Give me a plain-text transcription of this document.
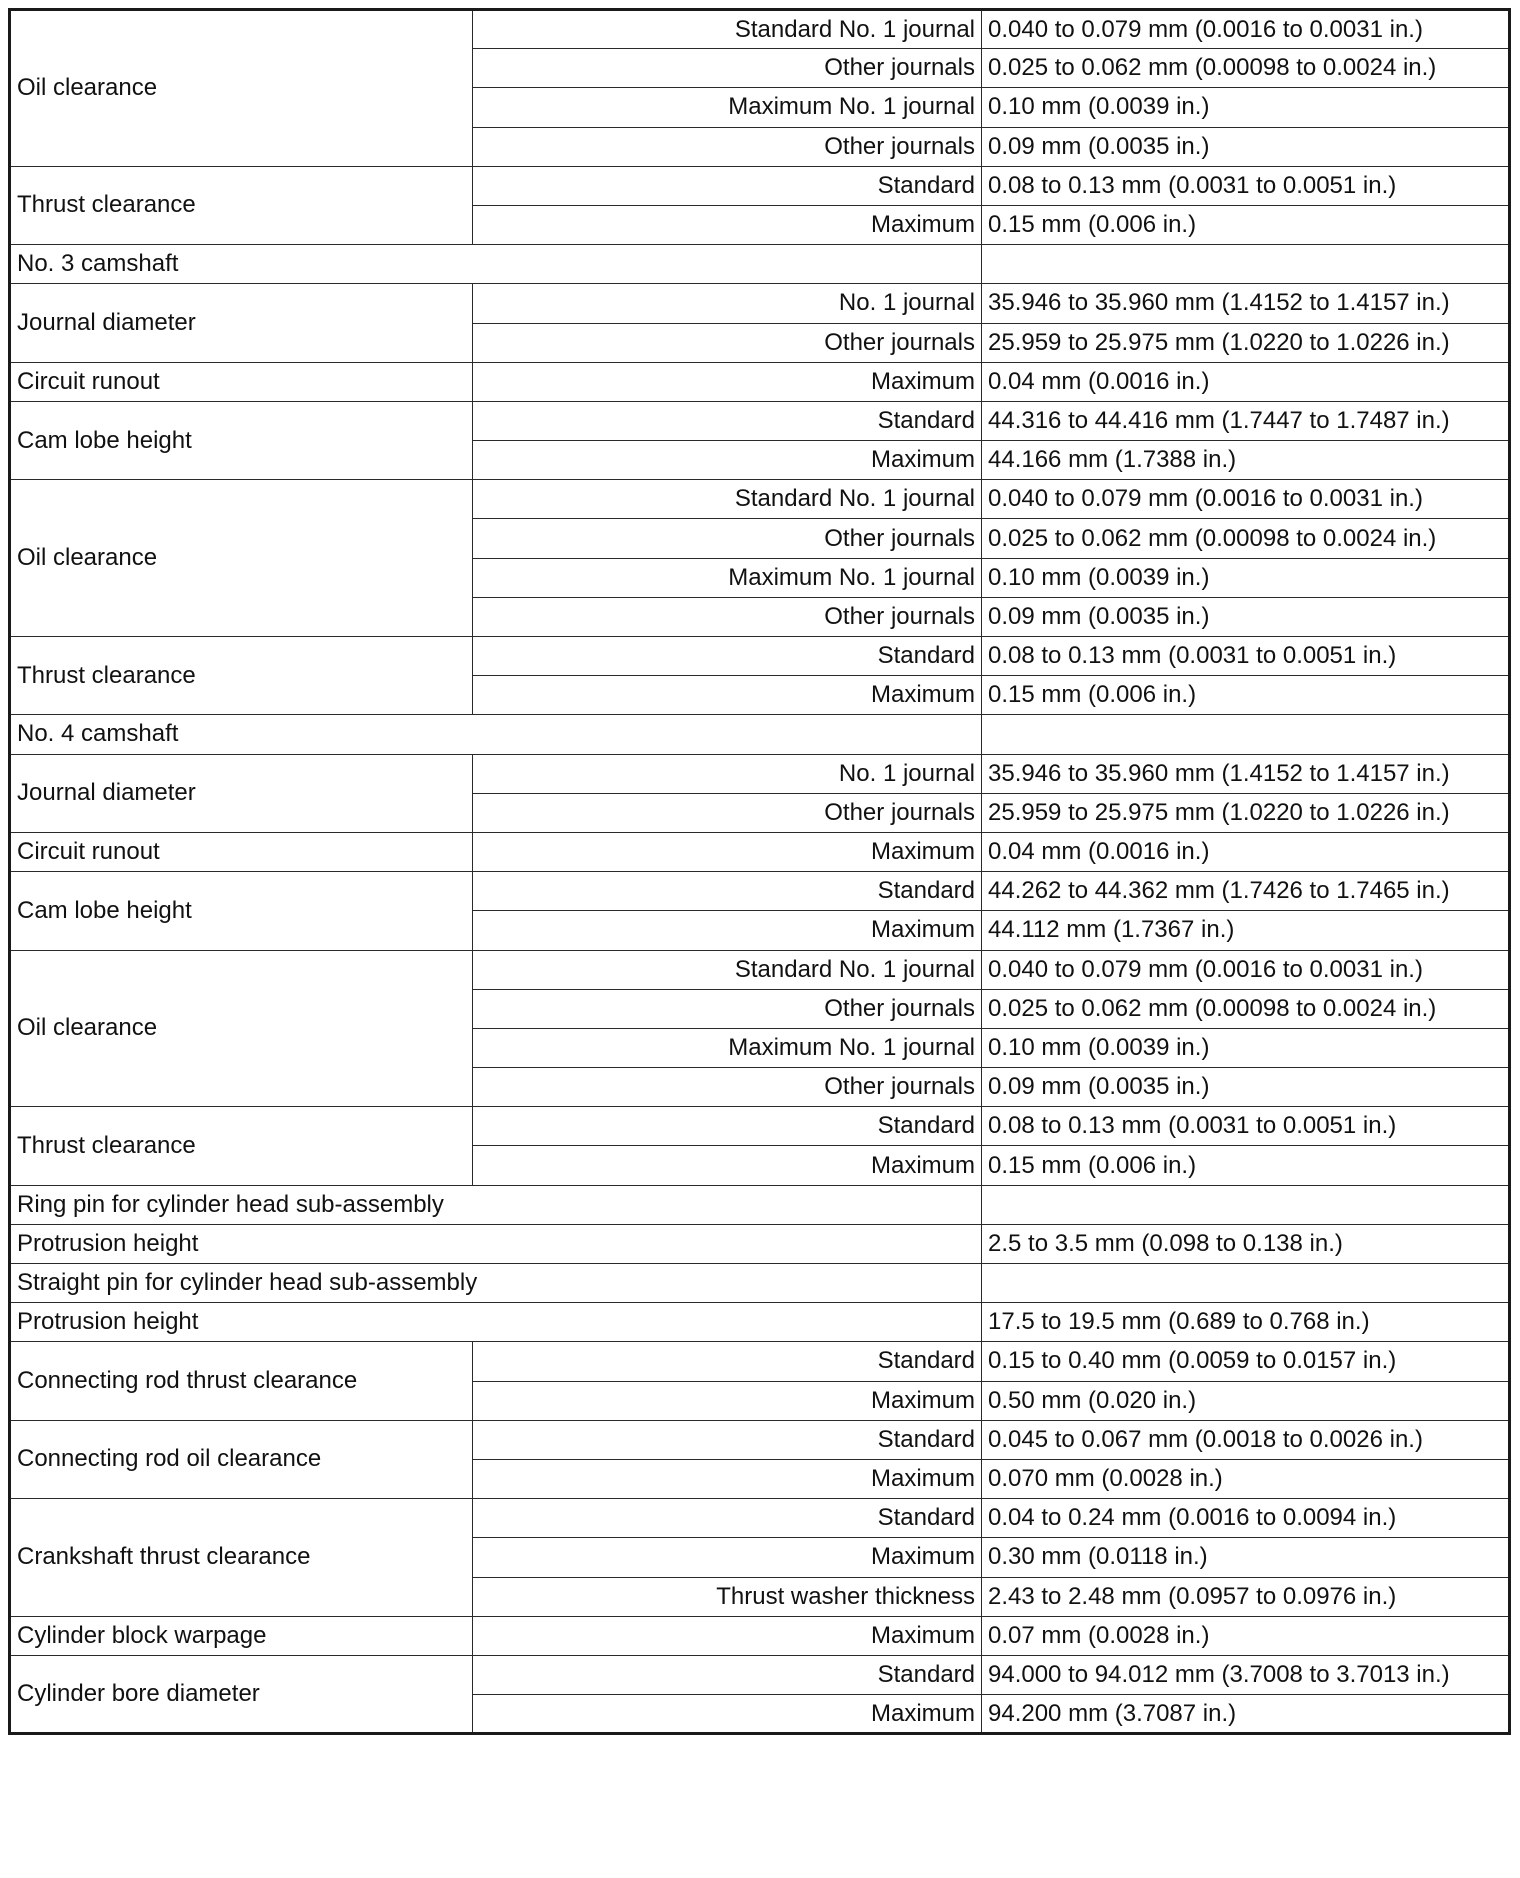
Oil clearance	Standard No. 1 journal	0.040 to 0.079 mm (0.0016 to 0.0031 in.)
	Other journals	0.025 to 0.062 mm (0.00098 to 0.0024 in.)
	Maximum No. 1 journal	0.10 mm (0.0039 in.)
	Other journals	0.09 mm (0.0035 in.)
Thrust clearance	Standard	0.08 to 0.13 mm (0.0031 to 0.0051 in.)
	Maximum	0.15 mm (0.006 in.)
No. 3 camshaft		
Journal diameter	No. 1 journal	35.946 to 35.960 mm (1.4152 to 1.4157 in.)
	Other journals	25.959 to 25.975 mm (1.0220 to 1.0226 in.)
Circuit runout	Maximum	0.04 mm (0.0016 in.)
Cam lobe height	Standard	44.316 to 44.416 mm (1.7447 to 1.7487 in.)
	Maximum	44.166 mm (1.7388 in.)
Oil clearance	Standard No. 1 journal	0.040 to 0.079 mm (0.0016 to 0.0031 in.)
	Other journals	0.025 to 0.062 mm (0.00098 to 0.0024 in.)
	Maximum No. 1 journal	0.10 mm (0.0039 in.)
	Other journals	0.09 mm (0.0035 in.)
Thrust clearance	Standard	0.08 to 0.13 mm (0.0031 to 0.0051 in.)
	Maximum	0.15 mm (0.006 in.)
No. 4 camshaft		
Journal diameter	No. 1 journal	35.946 to 35.960 mm (1.4152 to 1.4157 in.)
	Other journals	25.959 to 25.975 mm (1.0220 to 1.0226 in.)
Circuit runout	Maximum	0.04 mm (0.0016 in.)
Cam lobe height	Standard	44.262 to 44.362 mm (1.7426 to 1.7465 in.)
	Maximum	44.112 mm (1.7367 in.)
Oil clearance	Standard No. 1 journal	0.040 to 0.079 mm (0.0016 to 0.0031 in.)
	Other journals	0.025 to 0.062 mm (0.00098 to 0.0024 in.)
	Maximum No. 1 journal	0.10 mm (0.0039 in.)
	Other journals	0.09 mm (0.0035 in.)
Thrust clearance	Standard	0.08 to 0.13 mm (0.0031 to 0.0051 in.)
	Maximum	0.15 mm (0.006 in.)
Ring pin for cylinder head sub-assembly		
Protrusion height		2.5 to 3.5 mm (0.098 to 0.138 in.)
Straight pin for cylinder head sub-assembly		
Protrusion height		17.5 to 19.5 mm (0.689 to 0.768 in.)
Connecting rod thrust clearance	Standard	0.15 to 0.40 mm (0.0059 to 0.0157 in.)
	Maximum	0.50 mm (0.020 in.)
Connecting rod oil clearance	Standard	0.045 to 0.067 mm (0.0018 to 0.0026 in.)
	Maximum	0.070 mm (0.0028 in.)
Crankshaft thrust clearance	Standard	0.04 to 0.24 mm (0.0016 to 0.0094 in.)
	Maximum	0.30 mm (0.0118 in.)
	Thrust washer thickness	2.43 to 2.48 mm (0.0957 to 0.0976 in.)
Cylinder block warpage	Maximum	0.07 mm (0.0028 in.)
Cylinder bore diameter	Standard	94.000 to 94.012 mm (3.7008 to 3.7013 in.)
	Maximum	94.200 mm (3.7087 in.)
